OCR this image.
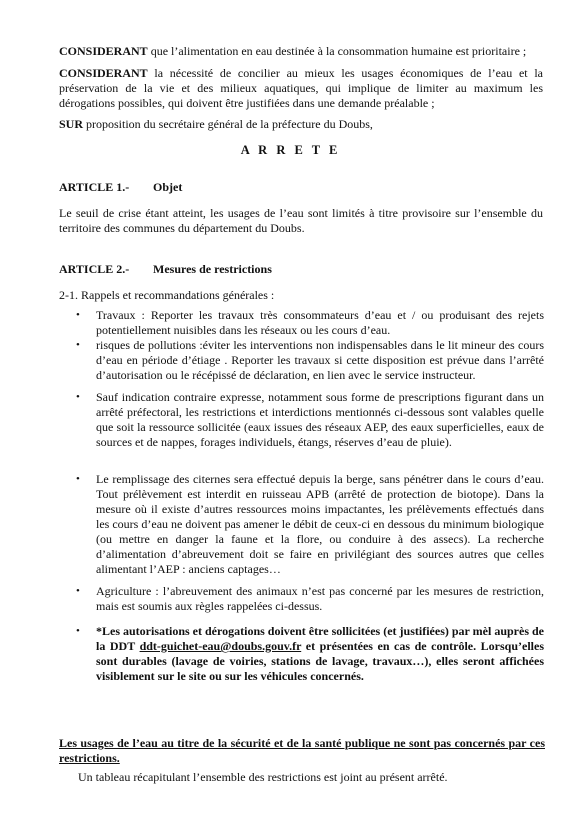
CONSIDERANT que l’alimentation en eau destinée à la consommation humaine est prioritaire ;

CONSIDERANT la nécessité de concilier au mieux les usages économiques de l’eau et la préservation de la vie et des milieux aquatiques, qui implique de limiter au maximum les dérogations possibles, qui doivent être justifiées dans une demande préalable ;

SUR proposition du secrétaire général de la préfecture du Doubs,

A R R E T E

ARTICLE 1.- Objet

Le seuil de crise étant atteint, les usages de l’eau sont limités à titre provisoire sur l’ensemble du territoire des communes du département du Doubs.

ARTICLE 2.- Mesures de restrictions

2-1. Rappels et recommandations générales :

• Travaux : Reporter les travaux très consommateurs d’eau et / ou produisant des rejets potentiellement nuisibles dans les réseaux ou les cours d’eau.

• risques de pollutions :éviter les interventions non indispensables dans le lit mineur des cours d’eau en période d’étiage . Reporter les travaux si cette disposition est prévue dans l’arrêté d’autorisation ou le récépissé de déclaration, en lien avec le service instructeur.

• Sauf indication contraire expresse, notamment sous forme de prescriptions figurant dans un arrêté préfectoral, les restrictions et interdictions mentionnés ci-dessous sont valables quelle que soit la ressource sollicitée (eaux issues des réseaux AEP, des eaux superficielles, eaux de sources et de nappes, forages individuels, étangs, réserves d’eau de pluie).

• Le remplissage des citernes sera effectué depuis la berge, sans pénétrer dans le cours d’eau. Tout prélèvement est interdit en ruisseau APB (arrêté de protection de biotope). Dans la mesure où il existe d’autres ressources moins impactantes, les prélèvements effectués dans les cours d’eau ne doivent pas amener le débit de ceux-ci en dessous du minimum biologique (ou mettre en danger la faune et la flore, ou conduire à des assecs). La recherche d’alimentation d’abreuvement doit se faire en privilégiant des sources autres que celles alimentant l’AEP : anciens captages…

• Agriculture : l’abreuvement des animaux n’est pas concerné par les mesures de restriction, mais est soumis aux règles rappelées ci-dessus.

• *Les autorisations et dérogations doivent être sollicitées (et justifiées) par mèl auprès de la DDT ddt-guichet-eau@doubs.gouv.fr et présentées en cas de contrôle. Lorsqu’elles sont durables (lavage de voiries, stations de lavage, travaux…), elles seront affichées visiblement sur le site ou sur les véhicules concernés.

Les usages de l’eau au titre de la sécurité et de la santé publique ne sont pas concernés par ces restrictions.

Un tableau récapitulant l’ensemble des restrictions est joint au présent arrêté.
